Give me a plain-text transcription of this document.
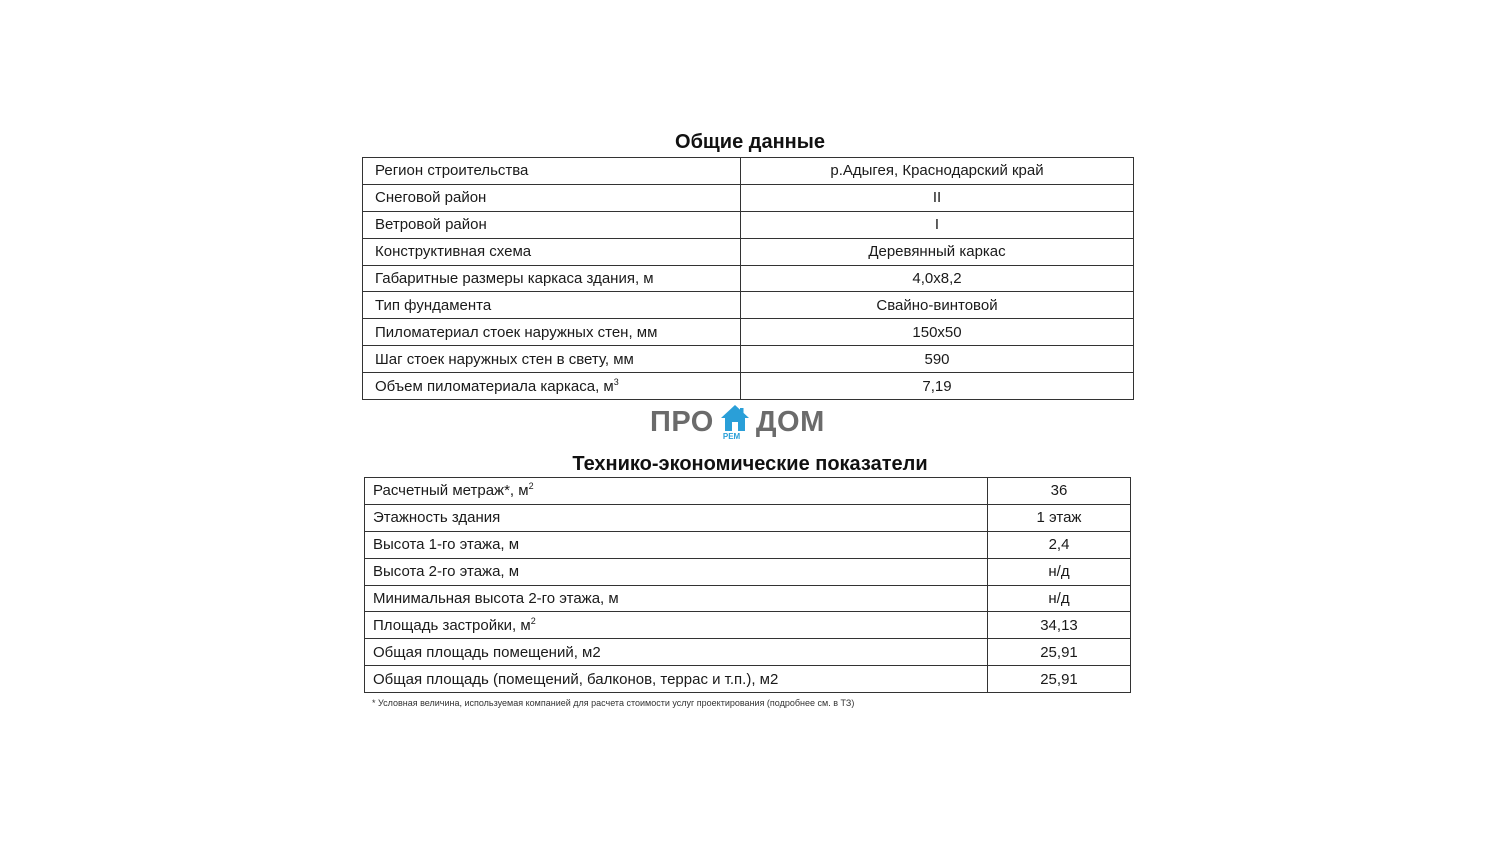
Общие данные
Регион строительства	р.Адыгея, Краснодарский край
Снеговой район	II
Ветровой район	I
Конструктивная схема	Деревянный каркас
Габаритные размеры каркаса здания, м	4,0x8,2
Тип фундамента	Свайно-винтовой
Пиломатериал стоек наружных стен, мм	150x50
Шаг стоек наружных стен в свету, мм	590
Объем пиломатериала каркаса, $м^3$	7,19
ПРО РЕМ ДОМ
Технико-экономические показатели
Расчетный метраж*, $м^2$	36
Этажность здания	1 этаж
Высота 1-го этажа, м	2,4
Высота 2-го этажа, м	н/д
Минимальная высота 2-го этажа, м	н/д
Площадь застройки, $м^2$	34,13
Общая площадь помещений, м2	25,91
Общая площадь (помещений, балконов, террас и т.п.), м2	25,91
* Условная величина, используемая компанией для расчета стоимости услуг проектирования (подробнее см. в ТЗ)
